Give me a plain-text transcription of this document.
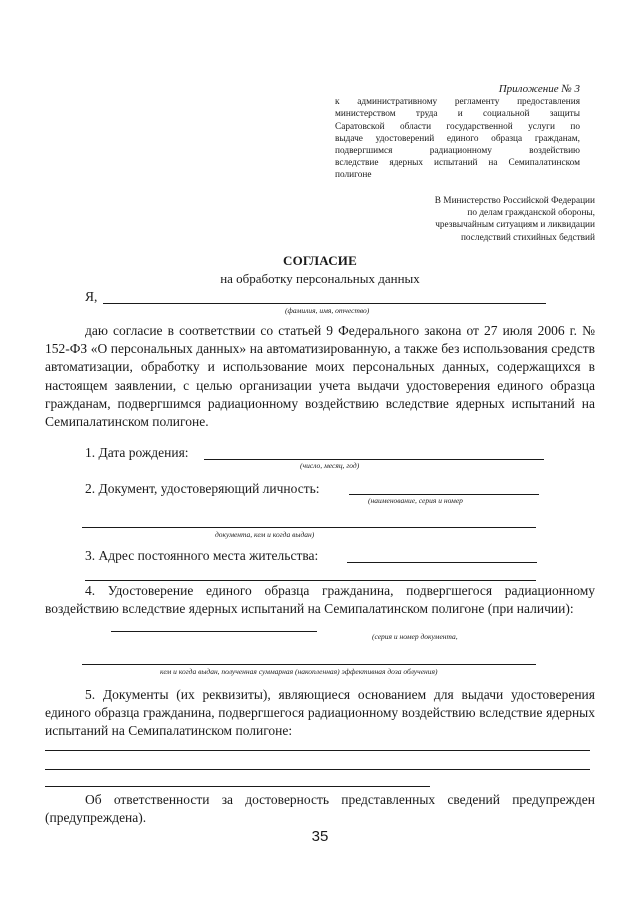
Приложение № 3
к административному регламенту предоставления
министерством труда и социальной защиты
Саратовской области государственной услуги по
выдаче удостоверений единого образца гражданам,
подвергшимся радиационному воздействию
вследствие ядерных испытаний на Семипалатинском
полигоне
В Министерство Российской Федерации
по делам гражданской обороны,
чрезвычайным ситуациям и ликвидации
последствий стихийных бедствий
СОГЛАСИЕ
на обработку персональных данных
Я,
(фамилия, имя, отчество)
даю согласие в соответствии со статьей 9 Федерального закона от 27 июля 2006 г. № 152-ФЗ «О персональных данных» на автоматизированную, а также без использования средств автоматизации, обработку и использование моих персональных данных, содержащихся в настоящем заявлении, с целью организации учета выдачи удостоверения единого образца гражданам, подвергшимся радиационному воздействию вследствие ядерных испытаний на Семипалатинском полигоне.
1. Дата рождения:
(число, месяц, год)
2. Документ, удостоверяющий личность:
(наименование, серия и номер
документа, кем и когда выдан)
3. Адрес постоянного места жительства:
4. Удостоверение единого образца гражданина, подвергшегося радиационному воздействию вследствие ядерных испытаний на Семипалатинском полигоне (при наличии):
(серия и номер документа,
кем и когда выдан, полученная суммарная (накопленная) эффективная доза облучения)
5. Документы (их реквизиты), являющиеся основанием для выдачи удостоверения единого образца гражданина, подвергшегося радиационному воздействию вследствие ядерных испытаний на Семипалатинском полигоне:
Об ответственности за достоверность представленных сведений предупрежден (предупреждена).
35
